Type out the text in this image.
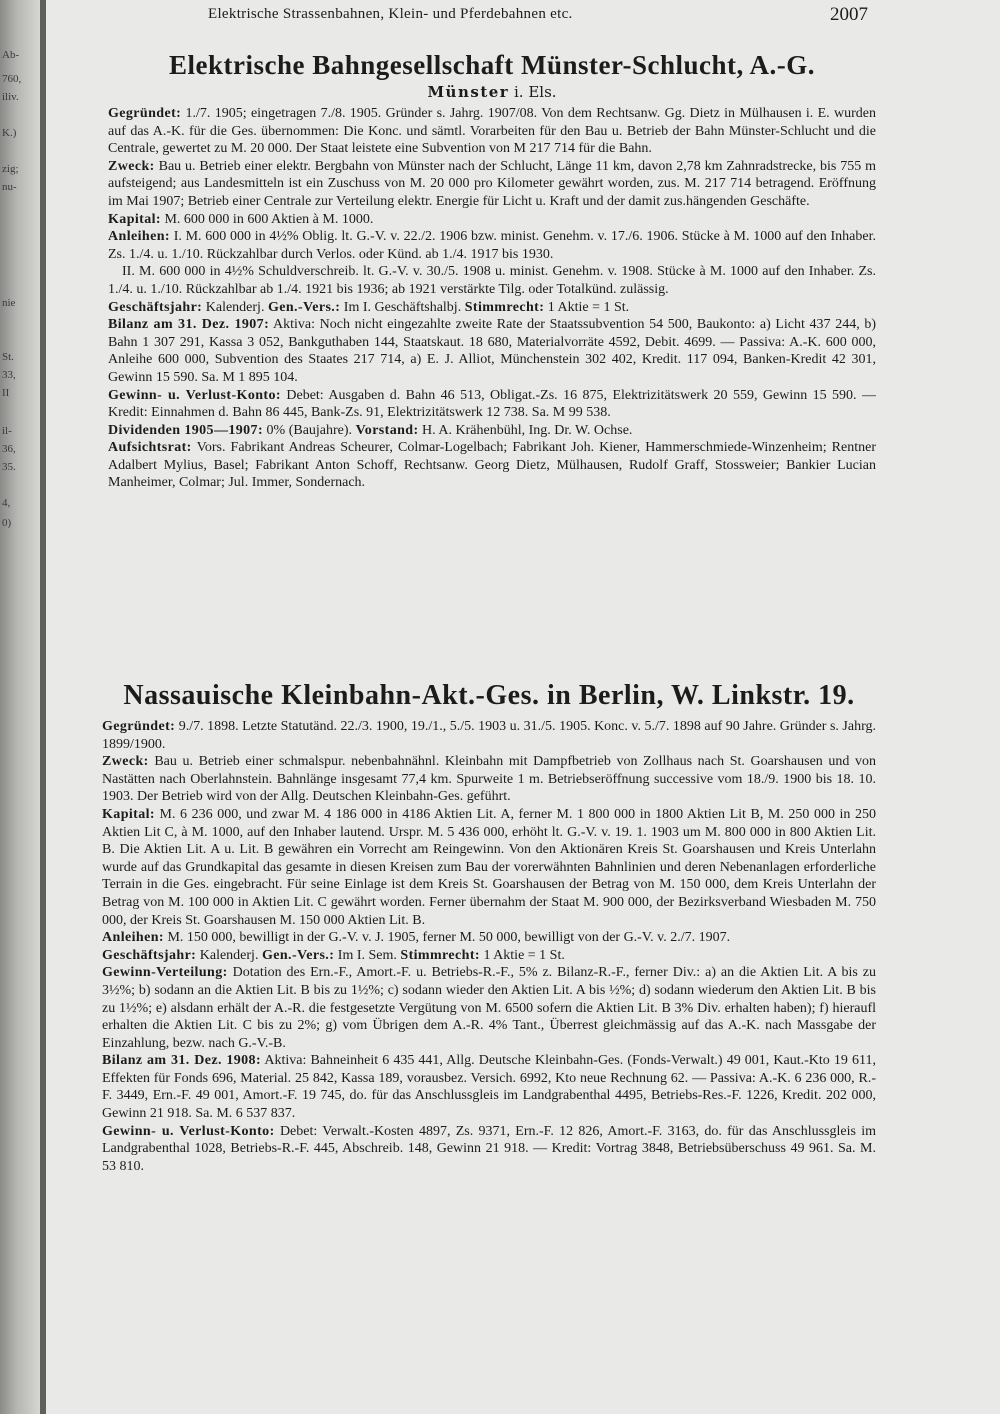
Ab-
760,
iliv.
K.)
zig;
nu-
nie
St.
33,
II
il-
36,
35.
4,
0)
Elektrische Strassenbahnen, Klein- und Pferdebahnen etc.	2007
Elektrische Bahngesellschaft Münster-Schlucht, A.-G.
Münster i. Els.

Gegründet: 1./7. 1905; eingetragen 7./8. 1905. Gründer s. Jahrg. 1907/08. Von dem Rechtsanw. Gg. Dietz in Mülhausen i. E. wurden auf das A.-K. für die Ges. übernommen: Die Konc. und sämtl. Vorarbeiten für den Bau u. Betrieb der Bahn Münster-Schlucht und die Centrale, gewertet zu M. 20 000. Der Staat leistete eine Subvention von M 217 714 für die Bahn.

Zweck: Bau u. Betrieb einer elektr. Bergbahn von Münster nach der Schlucht, Länge 11 km, davon 2,78 km Zahnradstrecke, bis 755 m aufsteigend; aus Landesmitteln ist ein Zuschuss von M. 20 000 pro Kilometer gewährt worden, zus. M. 217 714 betragend. Eröffnung im Mai 1907; Betrieb einer Centrale zur Verteilung elektr. Energie für Licht u. Kraft und der damit zus.hängenden Geschäfte.

Kapital: M. 600 000 in 600 Aktien à M. 1000.

Anleihen: I. M. 600 000 in 4½% Oblig. lt. G.-V. v. 22./2. 1906 bzw. minist. Genehm. v. 17./6. 1906. Stücke à M. 1000 auf den Inhaber. Zs. 1./4. u. 1./10. Rückzahlbar durch Verlos. oder Künd. ab 1./4. 1917 bis 1930.

II. M. 600 000 in 4½% Schuldverschreib. lt. G.-V. v. 30./5. 1908 u. minist. Genehm. v. 1908. Stücke à M. 1000 auf den Inhaber. Zs. 1./4. u. 1./10. Rückzahlbar ab 1./4. 1921 bis 1936; ab 1921 verstärkte Tilg. oder Totalkünd. zulässig.

Geschäftsjahr: Kalenderj. Gen.-Vers.: Im I. Geschäftshalbj. Stimmrecht: 1 Aktie = 1 St.

Bilanz am 31. Dez. 1907: Aktiva: Noch nicht eingezahlte zweite Rate der Staatssubvention 54 500, Baukonto: a) Licht 437 244, b) Bahn 1 307 291, Kassa 3 052, Bankguthaben 144, Staatskaut. 18 680, Materialvorräte 4592, Debit. 4699. — Passiva: A.-K. 600 000, Anleihe 600 000, Subvention des Staates 217 714, a) E. J. Alliot, Münchenstein 302 402, Kredit. 117 094, Banken-Kredit 42 301, Gewinn 15 590. Sa. M 1 895 104.

Gewinn- u. Verlust-Konto: Debet: Ausgaben d. Bahn 46 513, Obligat.-Zs. 16 875, Elektrizitätswerk 20 559, Gewinn 15 590. — Kredit: Einnahmen d. Bahn 86 445, Bank-Zs. 91, Elektrizitätswerk 12 738. Sa. M 99 538.

Dividenden 1905—1907: 0% (Baujahre). Vorstand: H. A. Krähenbühl, Ing. Dr. W. Ochse.

Aufsichtsrat: Vors. Fabrikant Andreas Scheurer, Colmar-Logelbach; Fabrikant Joh. Kiener, Hammerschmiede-Winzenheim; Rentner Adalbert Mylius, Basel; Fabrikant Anton Schoff, Rechtsanw. Georg Dietz, Mülhausen, Rudolf Graff, Stossweier; Bankier Lucian Manheimer, Colmar; Jul. Immer, Sondernach.

Nassauische Kleinbahn-Akt.-Ges. in Berlin, W. Linkstr. 19.

Gegründet: 9./7. 1898. Letzte Statutänd. 22./3. 1900, 19./1., 5./5. 1903 u. 31./5. 1905. Konc. v. 5./7. 1898 auf 90 Jahre. Gründer s. Jahrg. 1899/1900.

Zweck: Bau u. Betrieb einer schmalspur. nebenbahnähnl. Kleinbahn mit Dampfbetrieb von Zollhaus nach St. Goarshausen und von Nastätten nach Oberlahnstein. Bahnlänge insgesamt 77,4 km. Spurweite 1 m. Betriebseröffnung successive vom 18./9. 1900 bis 18. 10. 1903. Der Betrieb wird von der Allg. Deutschen Kleinbahn-Ges. geführt.

Kapital: M. 6 236 000, und zwar M. 4 186 000 in 4186 Aktien Lit. A, ferner M. 1 800 000 in 1800 Aktien Lit B, M. 250 000 in 250 Aktien Lit C, à M. 1000, auf den Inhaber lautend. Urspr. M. 5 436 000, erhöht lt. G.-V. v. 19. 1. 1903 um M. 800 000 in 800 Aktien Lit. B. Die Aktien Lit. A u. Lit. B gewähren ein Vorrecht am Reingewinn. Von den Aktionären Kreis St. Goarshausen und Kreis Unterlahn wurde auf das Grundkapital das gesamte in diesen Kreisen zum Bau der vorerwähnten Bahnlinien und deren Nebenanlagen erforderliche Terrain in die Ges. eingebracht. Für seine Einlage ist dem Kreis St. Goarshausen der Betrag von M. 150 000, dem Kreis Unterlahn der Betrag von M. 100 000 in Aktien Lit. C gewährt worden. Ferner übernahm der Staat M. 900 000, der Bezirksverband Wiesbaden M. 750 000, der Kreis St. Goarshausen M. 150 000 Aktien Lit. B.

Anleihen: M. 150 000, bewilligt in der G.-V. v. J. 1905, ferner M. 50 000, bewilligt von der G.-V. v. 2./7. 1907.

Geschäftsjahr: Kalenderj. Gen.-Vers.: Im I. Sem. Stimmrecht: 1 Aktie = 1 St.

Gewinn-Verteilung: Dotation des Ern.-F., Amort.-F. u. Betriebs-R.-F., 5% z. Bilanz-R.-F., ferner Div.: a) an die Aktien Lit. A bis zu 3½%; b) sodann an die Aktien Lit. B bis zu 1½%; c) sodann wieder den Aktien Lit. A bis ½%; d) sodann wiederum den Aktien Lit. B bis zu 1½%; e) alsdann erhält der A.-R. die festgesetzte Vergütung von M. 6500 sofern die Aktien Lit. B 3% Div. erhalten haben); f) hieraufl erhalten die Aktien Lit. C bis zu 2%; g) vom Übrigen dem A.-R. 4% Tant., Überrest gleichmässig auf das A.-K. nach Massgabe der Einzahlung, bezw. nach G.-V.-B.

Bilanz am 31. Dez. 1908: Aktiva: Bahneinheit 6 435 441, Allg. Deutsche Kleinbahn-Ges. (Fonds-Verwalt.) 49 001, Kaut.-Kto 19 611, Effekten für Fonds 696, Material. 25 842, Kassa 189, vorausbez. Versich. 6992, Kto neue Rechnung 62. — Passiva: A.-K. 6 236 000, R.-F. 3449, Ern.-F. 49 001, Amort.-F. 19 745, do. für das Anschlussgleis im Landgrabenthal 4495, Betriebs-Res.-F. 1226, Kredit. 202 000, Gewinn 21 918. Sa. M. 6 537 837.

Gewinn- u. Verlust-Konto: Debet: Verwalt.-Kosten 4897, Zs. 9371, Ern.-F. 12 826, Amort.-F. 3163, do. für das Anschlussgleis im Landgrabenthal 1028, Betriebs-R.-F. 445, Abschreib. 148, Gewinn 21 918. — Kredit: Vortrag 3848, Betriebsüberschuss 49 961. Sa. M. 53 810.
